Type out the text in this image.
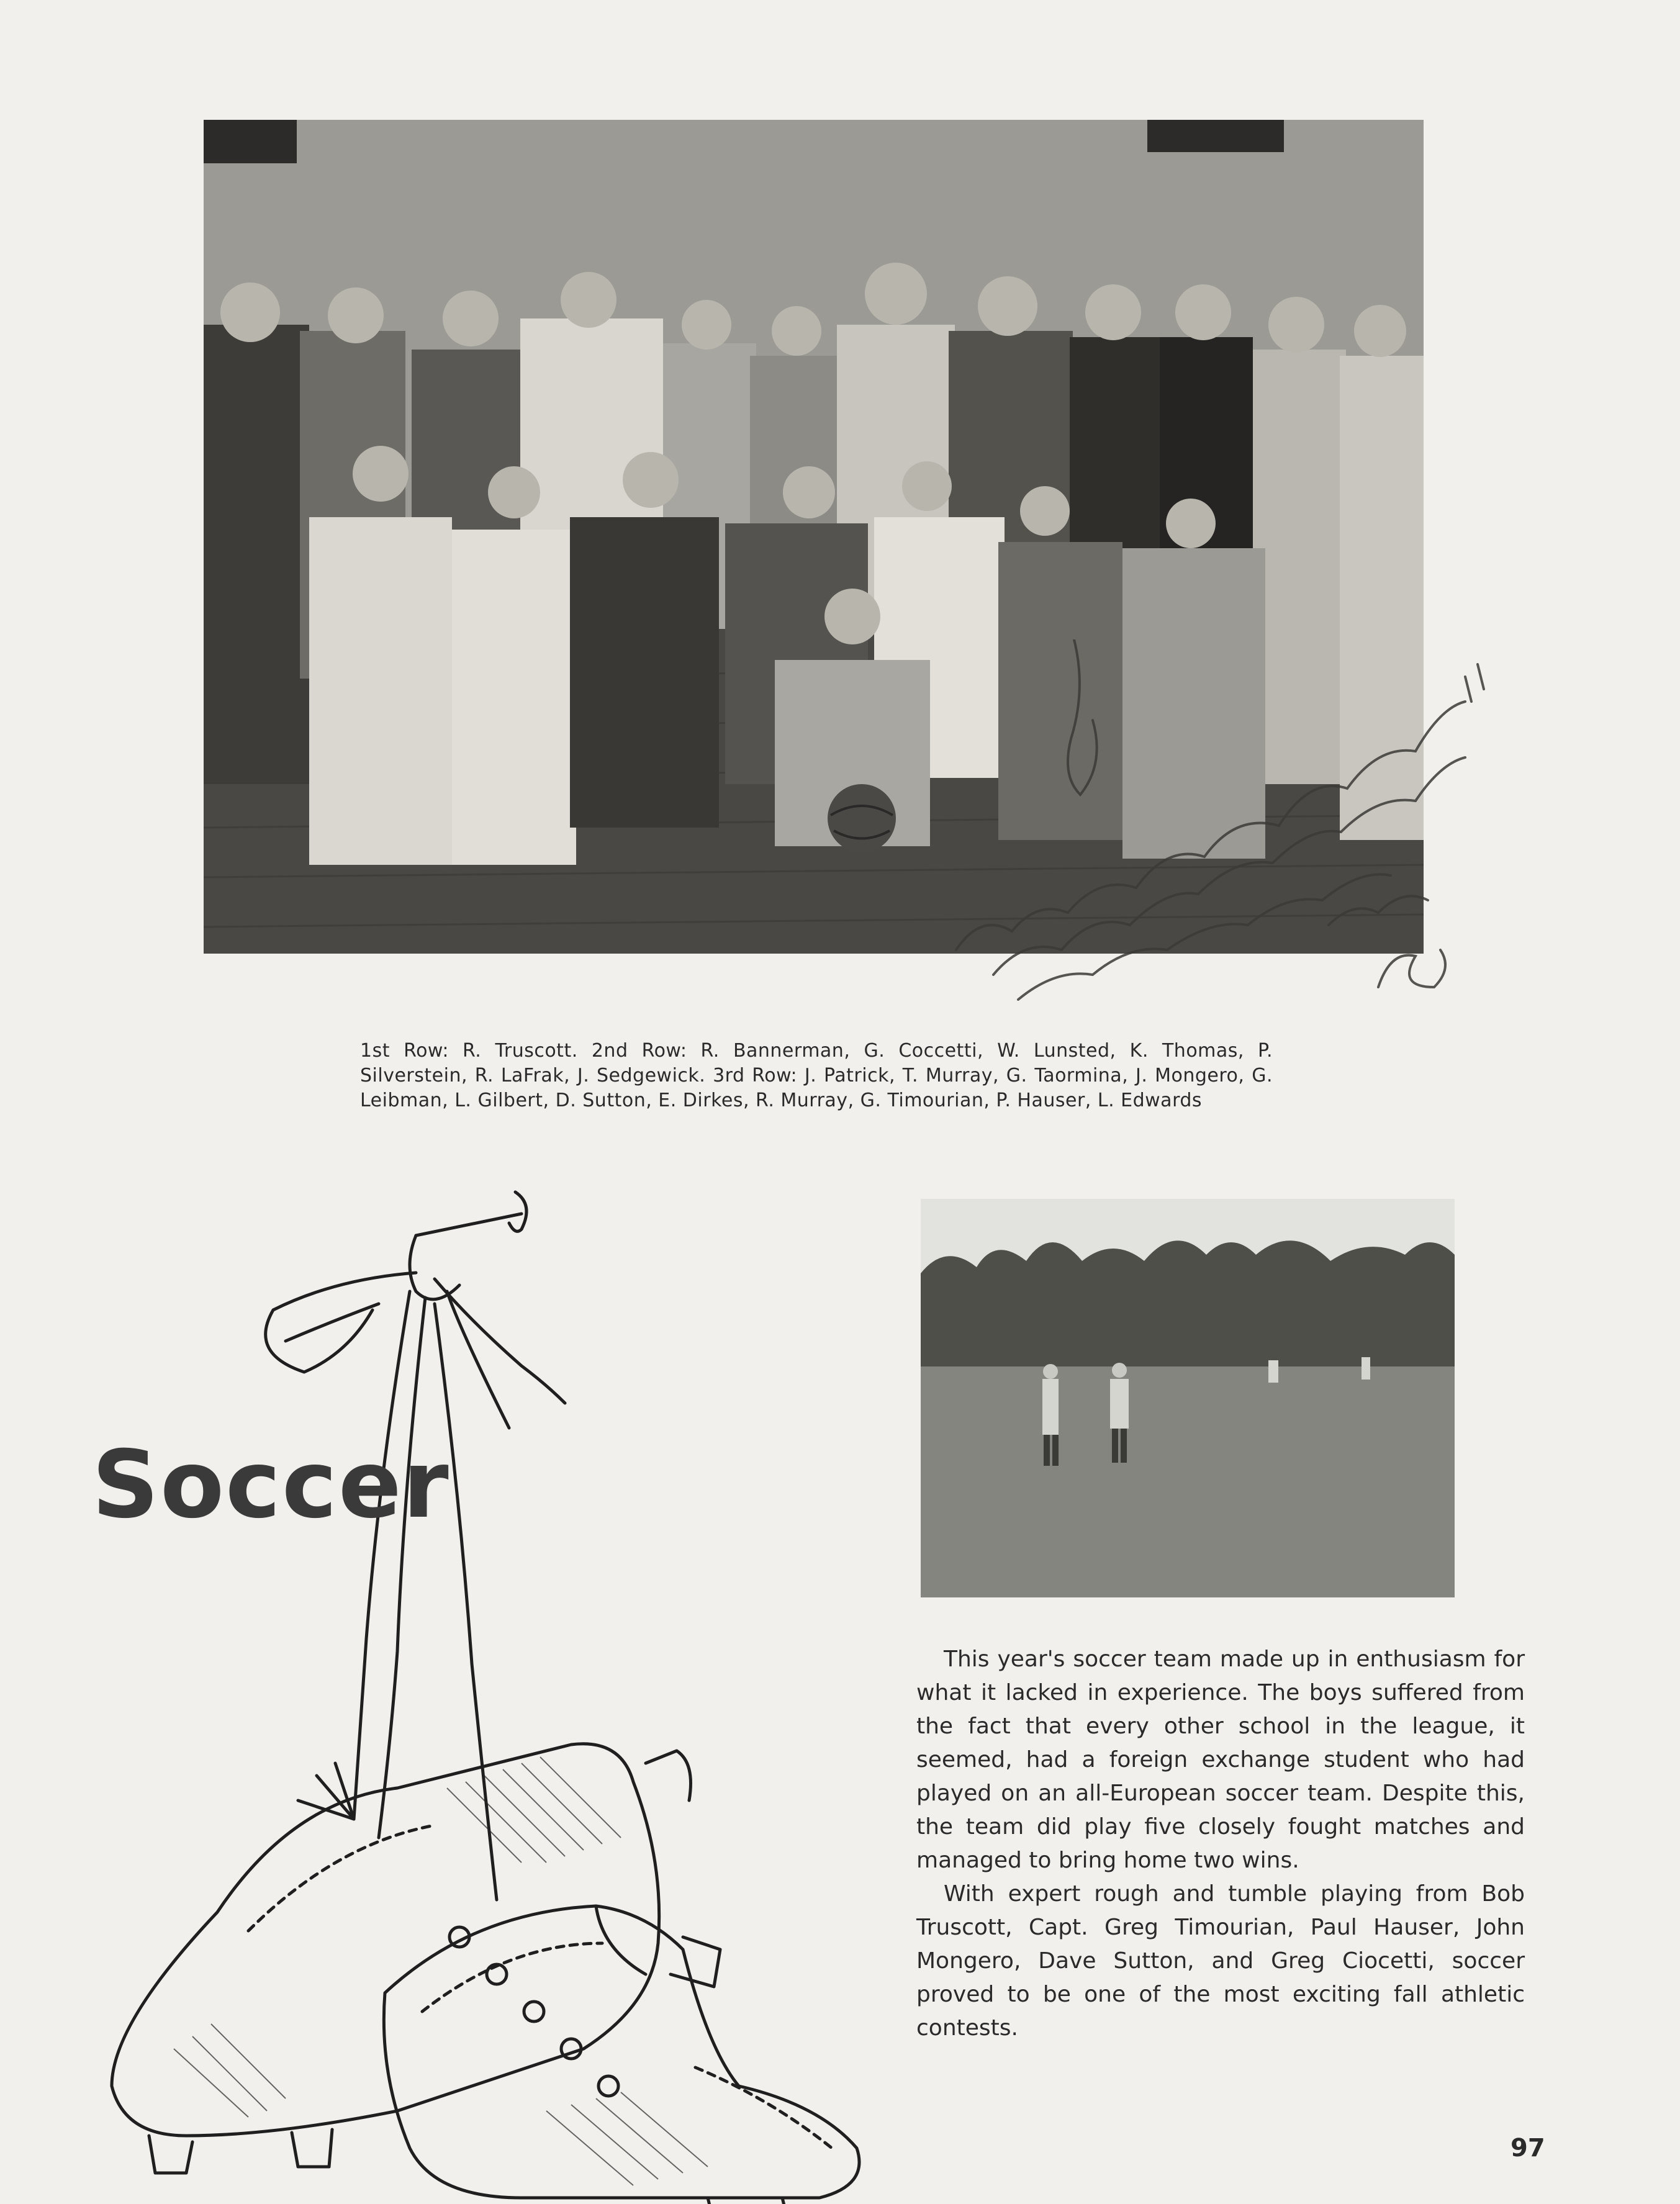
1st Row: R. Truscott. 2nd Row: R. Bannerman, G. Coccetti, W. Lunsted, K. Thomas, P. Silverstein, R. LaFrak, J. Sedgewick. 3rd Row: J. Patrick, T. Murray, G. Taormina, J. Mongero, G. Leibman, L. Gilbert, D. Sutton, E. Dirkes, R. Murray, G. Timourian, P. Hauser, L. Edwards
Soccer

This year's soccer team made up in enthusiasm for what it lacked in experience. The boys suffered from the fact that every other school in the league, it seemed, had a foreign exchange student who had played on an all-European soccer team. Despite this, the team did play five closely fought matches and managed to bring home two wins.

With expert rough and tumble playing from Bob Truscott, Capt. Greg Timourian, Paul Hauser, John Mongero, Dave Sutton, and Greg Ciocetti, soccer proved to be one of the most exciting fall athletic contests.

97
